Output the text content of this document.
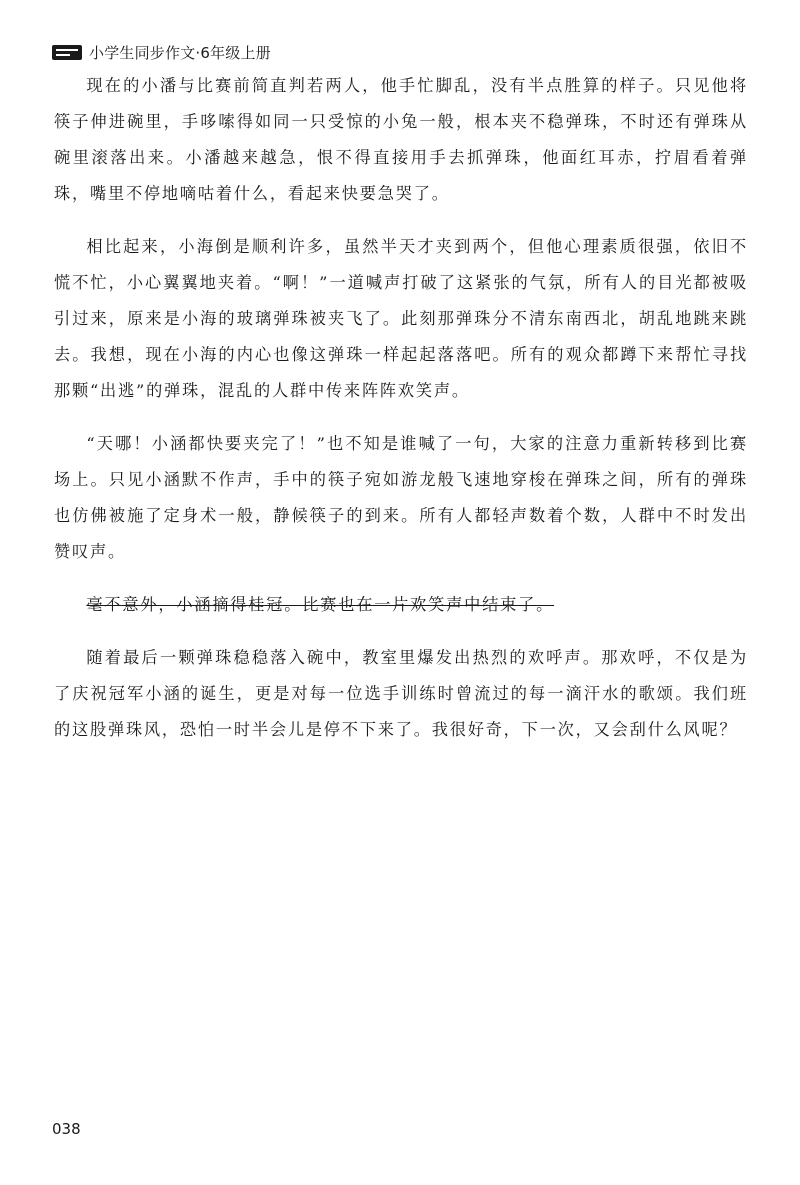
小学生同步作文·6年级上册

现在的小潘与比赛前简直判若两人，他手忙脚乱，没有半点胜算的样子。只见他将筷子伸进碗里，手哆嗦得如同一只受惊的小兔一般，根本夹不稳弹珠，不时还有弹珠从碗里滚落出来。小潘越来越急，恨不得直接用手去抓弹珠，他面红耳赤，拧眉看着弹珠，嘴里不停地嘀咕着什么，看起来快要急哭了。

相比起来，小海倒是顺利许多，虽然半天才夹到两个，但他心理素质很强，依旧不慌不忙，小心翼翼地夹着。“啊！”一道喊声打破了这紧张的气氛，所有人的目光都被吸引过来，原来是小海的玻璃弹珠被夹飞了。此刻那弹珠分不清东南西北，胡乱地跳来跳去。我想，现在小海的内心也像这弹珠一样起起落落吧。所有的观众都蹲下来帮忙寻找那颗“出逃”的弹珠，混乱的人群中传来阵阵欢笑声。

“天哪！小涵都快要夹完了！”也不知是谁喊了一句，大家的注意力重新转移到比赛场上。只见小涵默不作声，手中的筷子宛如游龙般飞速地穿梭在弹珠之间，所有的弹珠也仿佛被施了定身术一般，静候筷子的到来。所有人都轻声数着个数，人群中不时发出赞叹声。

毫不意外，小涵摘得桂冠。比赛也在一片欢笑声中结束了。

随着最后一颗弹珠稳稳落入碗中，教室里爆发出热烈的欢呼声。那欢呼，不仅是为了庆祝冠军小涵的诞生，更是对每一位选手训练时曾流过的每一滴汗水的歌颂。我们班的这股弹珠风，恐怕一时半会儿是停不下来了。我很好奇，下一次，又会刮什么风呢？

038
